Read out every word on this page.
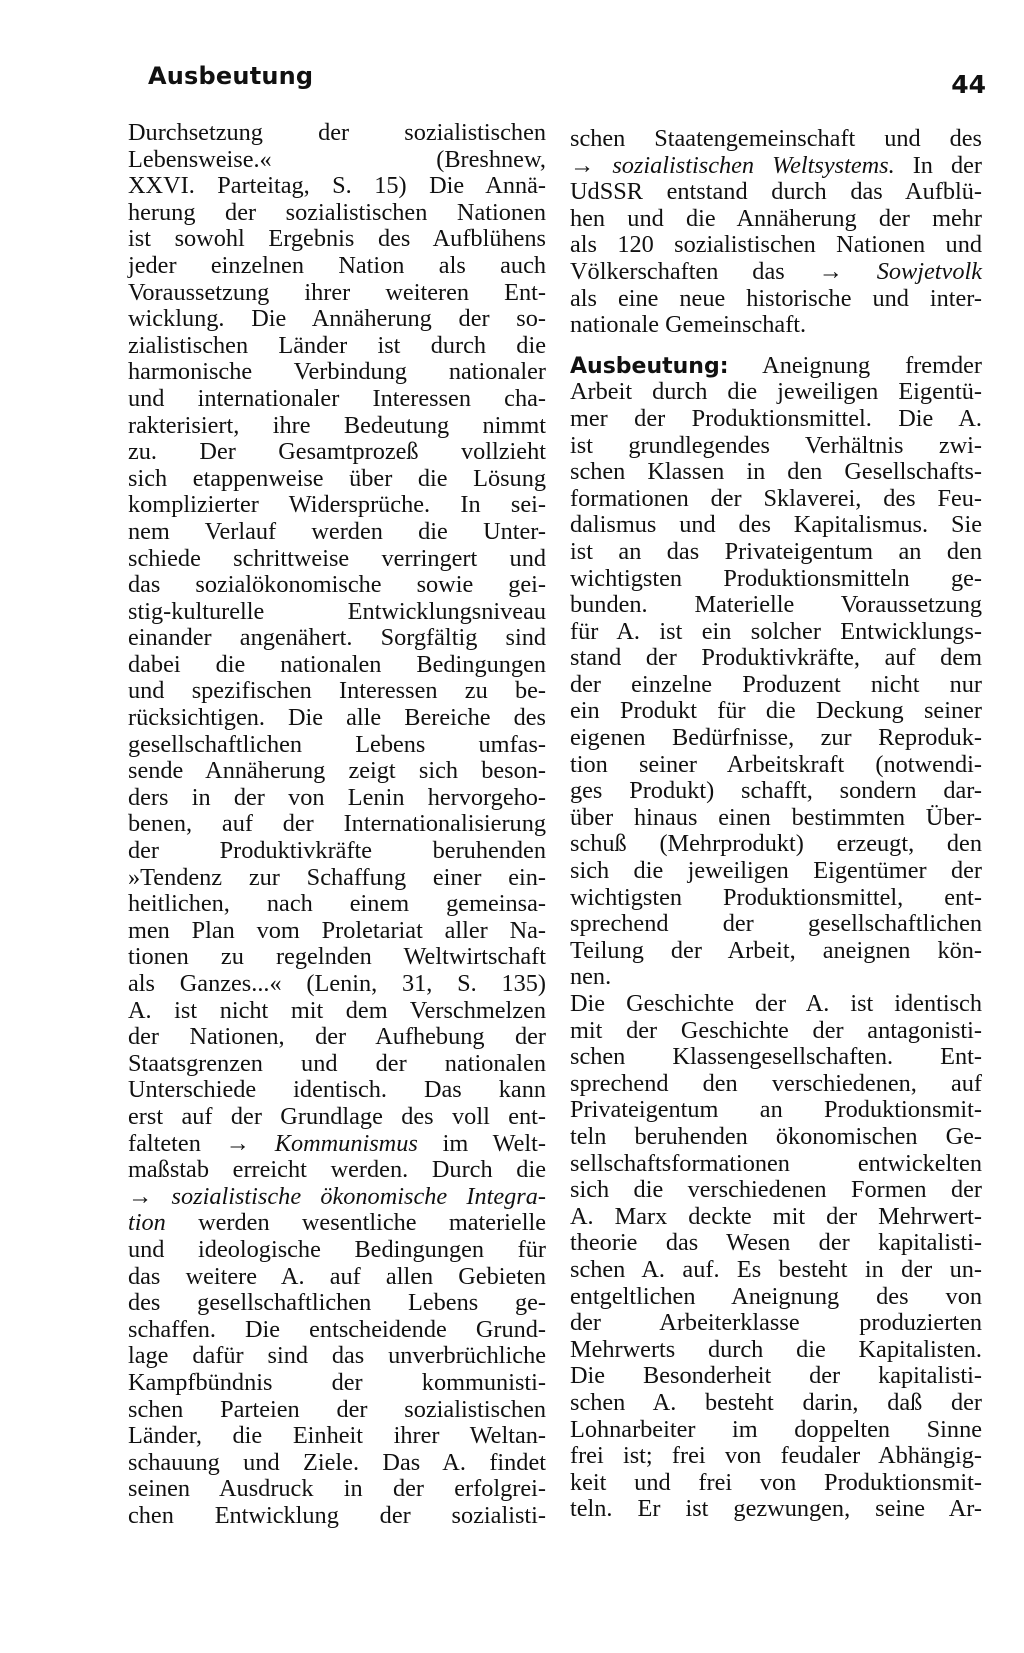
Ausbeutung	44
Durchsetzung der sozialistischen
Lebensweise.« (Breshnew,
XXVI. Parteitag, S. 15) Die Annä-
herung der sozialistischen Nationen
ist sowohl Ergebnis des Aufblühens
jeder einzelnen Nation als auch
Voraussetzung ihrer weiteren Ent-
wicklung. Die Annäherung der so-
zialistischen Länder ist durch die
harmonische Verbindung nationaler
und internationaler Interessen cha-
rakterisiert, ihre Bedeutung nimmt
zu. Der Gesamtprozeß vollzieht
sich etappenweise über die Lösung
komplizierter Widersprüche. In sei-
nem Verlauf werden die Unter-
schiede schrittweise verringert und
das sozialökonomische sowie gei-
stig-kulturelle Entwicklungsniveau
einander angenähert. Sorgfältig sind
dabei die nationalen Bedingungen
und spezifischen Interessen zu be-
rücksichtigen. Die alle Bereiche des
gesellschaftlichen Lebens umfas-
sende Annäherung zeigt sich beson-
ders in der von Lenin hervorgeho-
benen, auf der Internationalisierung
der Produktivkräfte beruhenden
»Tendenz zur Schaffung einer ein-
heitlichen, nach einem gemeinsa-
men Plan vom Proletariat aller Na-
tionen zu regelnden Weltwirtschaft
als Ganzes...« (Lenin, 31, S. 135)
A. ist nicht mit dem Verschmelzen
der Nationen, der Aufhebung der
Staatsgrenzen und der nationalen
Unterschiede identisch. Das kann
erst auf der Grundlage des voll ent-
falteten → Kommunismus im Welt-
maßstab erreicht werden. Durch die
→ sozialistische ökonomische Integra-
tion werden wesentliche materielle
und ideologische Bedingungen für
das weitere A. auf allen Gebieten
des gesellschaftlichen Lebens ge-
schaffen. Die entscheidende Grund-
lage dafür sind das unverbrüchliche
Kampfbündnis der kommunisti-
schen Parteien der sozialistischen
Länder, die Einheit ihrer Weltan-
schauung und Ziele. Das A. findet
seinen Ausdruck in der erfolgrei-
chen Entwicklung der sozialisti-
schen Staatengemeinschaft und des
→ sozialistischen Weltsystems. In der
UdSSR entstand durch das Aufblü-
hen und die Annäherung der mehr
als 120 sozialistischen Nationen und
Völkerschaften das → Sowjetvolk
als eine neue historische und inter-
nationale Gemeinschaft.
Ausbeutung: Aneignung fremder
Arbeit durch die jeweiligen Eigentü-
mer der Produktionsmittel. Die A.
ist grundlegendes Verhältnis zwi-
schen Klassen in den Gesellschafts-
formationen der Sklaverei, des Feu-
dalismus und des Kapitalismus. Sie
ist an das Privateigentum an den
wichtigsten Produktionsmitteln ge-
bunden. Materielle Voraussetzung
für A. ist ein solcher Entwicklungs-
stand der Produktivkräfte, auf dem
der einzelne Produzent nicht nur
ein Produkt für die Deckung seiner
eigenen Bedürfnisse, zur Reproduk-
tion seiner Arbeitskraft (notwendi-
ges Produkt) schafft, sondern dar-
über hinaus einen bestimmten Über-
schuß (Mehrprodukt) erzeugt, den
sich die jeweiligen Eigentümer der
wichtigsten Produktionsmittel, ent-
sprechend der gesellschaftlichen
Teilung der Arbeit, aneignen kön-
nen.
Die Geschichte der A. ist identisch
mit der Geschichte der antagonisti-
schen Klassengesellschaften. Ent-
sprechend den verschiedenen, auf
Privateigentum an Produktionsmit-
teln beruhenden ökonomischen Ge-
sellschaftsformationen entwickelten
sich die verschiedenen Formen der
A. Marx deckte mit der Mehrwert-
theorie das Wesen der kapitalisti-
schen A. auf. Es besteht in der un-
entgeltlichen Aneignung des von
der Arbeiterklasse produzierten
Mehrwerts durch die Kapitalisten.
Die Besonderheit der kapitalisti-
schen A. besteht darin, daß der
Lohnarbeiter im doppelten Sinne
frei ist; frei von feudaler Abhängig-
keit und frei von Produktionsmit-
teln. Er ist gezwungen, seine Ar-
